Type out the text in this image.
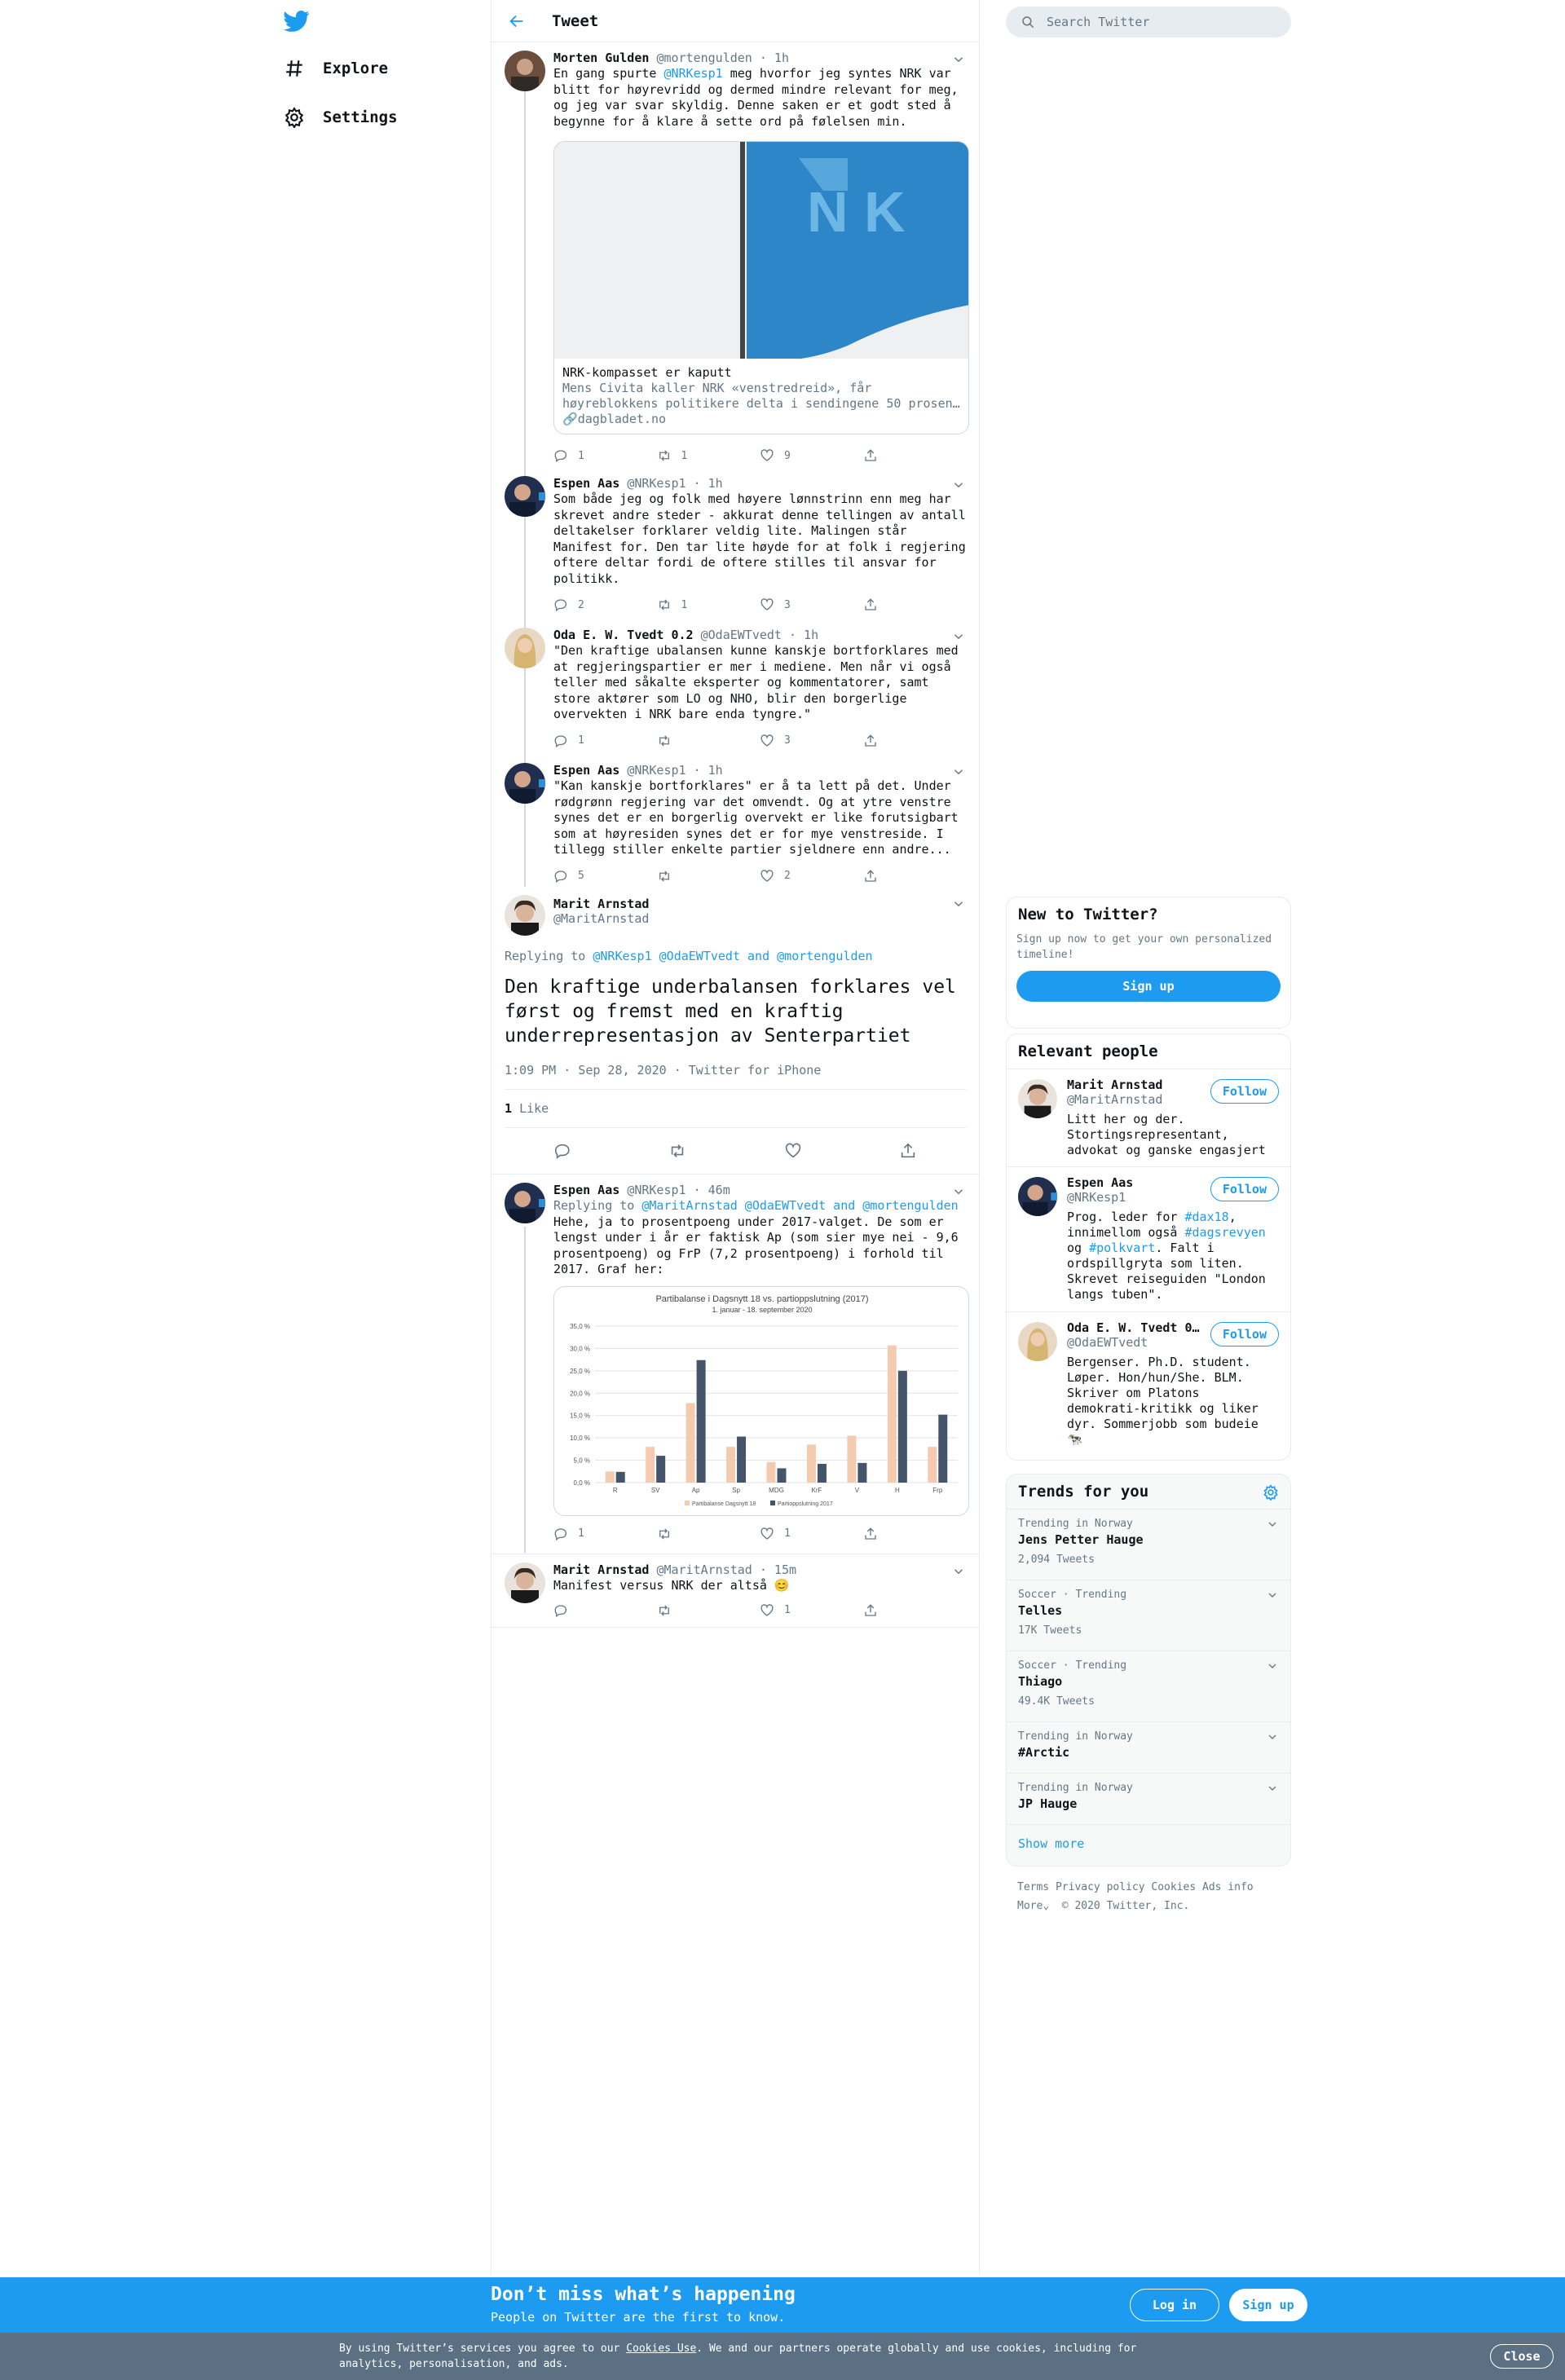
Explore
Settings
Tweet
Morten Gulden @mortengulden · 1h
En gang spurte @NRKesp1 meg hvorfor jeg syntes NRK var blitt for høyrevridd og dermed mindre relevant for meg, og jeg var svar skyldig. Denne saken er et godt sted å begynne for å klare å sette ord på følelsen min.
N K
NRK-kompasset er kaputt
Mens Civita kaller NRK «venstredreid», får
høyreblokkens politikere delta i sendingene 50 prosen…
🔗dagbladet.no
1	1	9
Espen Aas @NRKesp1 · 1h
Som både jeg og folk med høyere lønnstrinn enn meg har skrevet andre steder - akkurat denne tellingen av antall deltakelser forklarer veldig lite. Malingen står Manifest for. Den tar lite høyde for at folk i regjering oftere deltar fordi de oftere stilles til ansvar for politikk.
2	1	3
Oda E. W. Tvedt 0.2 @OdaEWTvedt · 1h
"Den kraftige ubalansen kunne kanskje bortforklares med at regjeringspartier er mer i mediene. Men når vi også teller med såkalte eksperter og kommentatorer, samt store aktører som LO og NHO, blir den borgerlige overvekten i NRK bare enda tyngre."
1	3
Espen Aas @NRKesp1 · 1h
"Kan kanskje bortforklares" er å ta lett på det. Under rødgrønn regjering var det omvendt. Og at ytre venstre synes det er en borgerlig overvekt er like forutsigbart som at høyresiden synes det er for mye venstreside. I tillegg stiller enkelte partier sjeldnere enn andre...
5	2
Marit Arnstad
@MaritArnstad
Replying to @NRKesp1 @OdaEWTvedt and @mortengulden
Den kraftige underbalansen forklares vel først og fremst med en kraftig underrepresentasjon av Senterpartiet
1:09 PM · Sep 28, 2020 · Twitter for iPhone
1 Like
Espen Aas @NRKesp1 · 46m
Replying to @MaritArnstad @OdaEWTvedt and @mortengulden
Hehe, ja to prosentpoeng under 2017-valget. De som er lengst under i år er faktisk Ap (som sier mye nei - 9,6 prosentpoeng) og FrP (7,2 prosentpoeng) i forhold til 2017. Graf her:
Partibalanse i Dagsnytt 18 vs. partioppslutning (2017)
1. januar - 18. september 2020
0,0 %
5,0 %
10,0 %
15,0 %
20,0 %
25,0 %
30,0 %
35,0 %
R	SV	Ap	Sp	MDG	KrF	V	H	Frp
Partibalanse Dagsnytt 18	Partioppslutning 2017
1	1
Marit Arnstad @MaritArnstad · 15m
Manifest versus NRK der altså 😊
1
Search Twitter
New to Twitter?
Sign up now to get your own personalized timeline!
Sign up
Relevant people
Follow
Marit Arnstad
@MaritArnstad
Litt her og der. Stortingsrepresentant, advokat og ganske engasjert
Follow
Espen Aas
@NRKesp1
Prog. leder for #dax18, innimellom også #dagsrevyen og #polkvart. Falt i ordspillgryta som liten. Skrevet reiseguiden "London langs tuben".
Follow
Oda E. W. Tvedt 0…
@OdaEWTvedt
Bergenser. Ph.D. student. Løper. Hon/hun/She. BLM. Skriver om Platons demokrati-kritikk og liker dyr. Sommerjobb som budeie 🐄
Trends for you
Trending in Norway
Jens Petter Hauge
2,094 Tweets
Soccer · Trending
Telles
17K Tweets
Soccer · Trending
Thiago
49.4K Tweets
Trending in Norway
#Arctic
Trending in Norway
JP Hauge
Show more
Terms Privacy policy Cookies Ads info
More⌄ © 2020 Twitter, Inc.
Don’t miss what’s happening
People on Twitter are the first to know.
Log in	Sign up
By using Twitter’s services you agree to our Cookies Use. We and our partners operate globally and use cookies, including for analytics, personalisation, and ads.
Close
